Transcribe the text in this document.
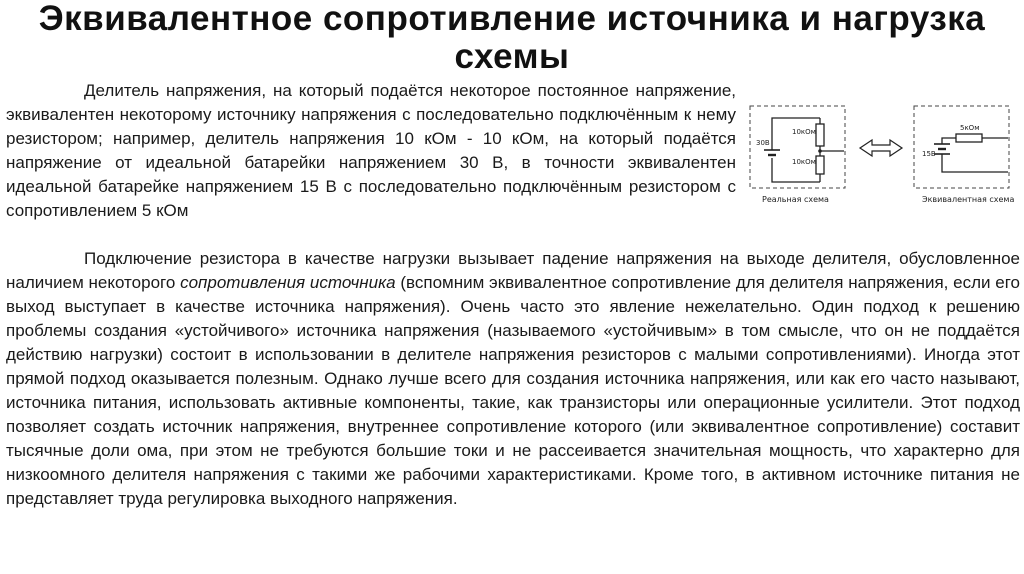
Эквивалентное сопротивление источника и нагрузка схемы

Делитель напряжения, на который подаётся некоторое постоянное напряжение, эквивалентен некоторому источнику напряжения с последовательно подключённым к нему резистором; например, делитель напряжения 10 кОм - 10 кОм, на который подаётся напряжение от идеальной батарейки напряжением 30 В, в точности эквивалентен идеальной батарейке напряжением 15 В с последовательно подключённым резистором с сопротивлением 5 кОм

30В
10кОм
10кОм
Реальная схема
5кОм
15В
Эквивалентная схема

Подключение резистора в качестве нагрузки вызывает падение напряжения на выходе делителя, обусловленное наличием некоторого сопротивления источника (вспомним эквивалентное сопротивление для делителя напряжения, если его выход выступает в качестве источника напряжения). Очень часто это явление нежелательно. Один подход к решению проблемы создания «устойчивого» источника напряжения (называемого «устойчивым» в том смысле, что он не поддаётся действию нагрузки) состоит в использовании в делителе напряжения резисторов с малыми сопротивлениями). Иногда этот прямой подход оказывается полезным. Однако лучше всего для создания источника напряжения, или как его часто называют, источника питания, использовать активные компоненты, такие, как транзисторы или операционные усилители. Этот подход позволяет создать источник напряжения, внутреннее сопротивление которого (или эквивалентное сопротивление) составит тысячные доли ома, при этом не требуются большие токи и не рассеивается значительная мощность, что характерно для низкоомного делителя напряжения с такими же рабочими характеристиками. Кроме того, в активном источнике питания не представляет труда регулировка выходного напряжения.
